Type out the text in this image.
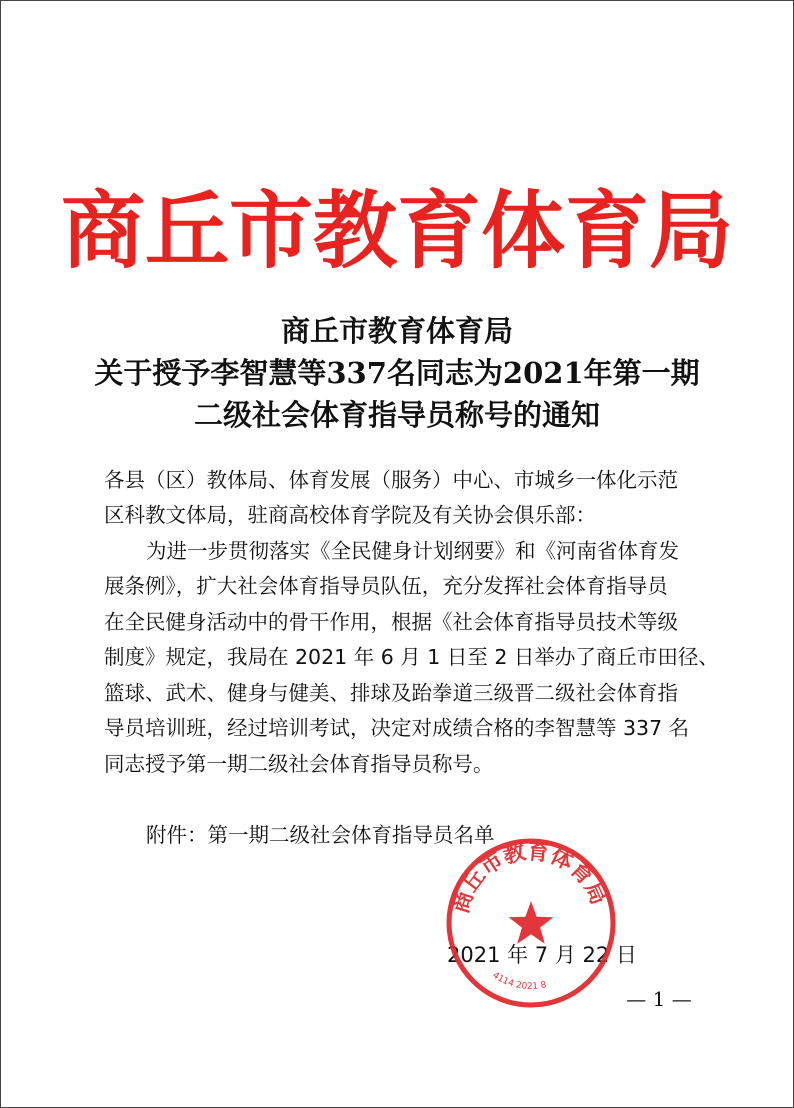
商丘市教育体育局
商丘市教育体育局
关于授予李智慧等337名同志为2021年第一期
二级社会体育指导员称号的通知
各县（区）教体局、体育发展（服务）中心、市城乡一体化示范
区科教文体局，驻商高校体育学院及有关协会俱乐部：
为进一步贯彻落实《全民健身计划纲要》和《河南省体育发
展条例》，扩大社会体育指导员队伍，充分发挥社会体育指导员
在全民健身活动中的骨干作用，根据《社会体育指导员技术等级
制度》规定，我局在 2021 年 6 月 1 日至 2 日举办了商丘市田径、
篮球、武术、健身与健美、排球及跆拳道三级晋二级社会体育指
导员培训班，经过培训考试，决定对成绩合格的李智慧等 337 名
同志授予第一期二级社会体育指导员称号。
附件：第一期二级社会体育指导员名单
2021 年 7 月 22 日
商丘市教育体育局
4114 2021 8
— 1 —
